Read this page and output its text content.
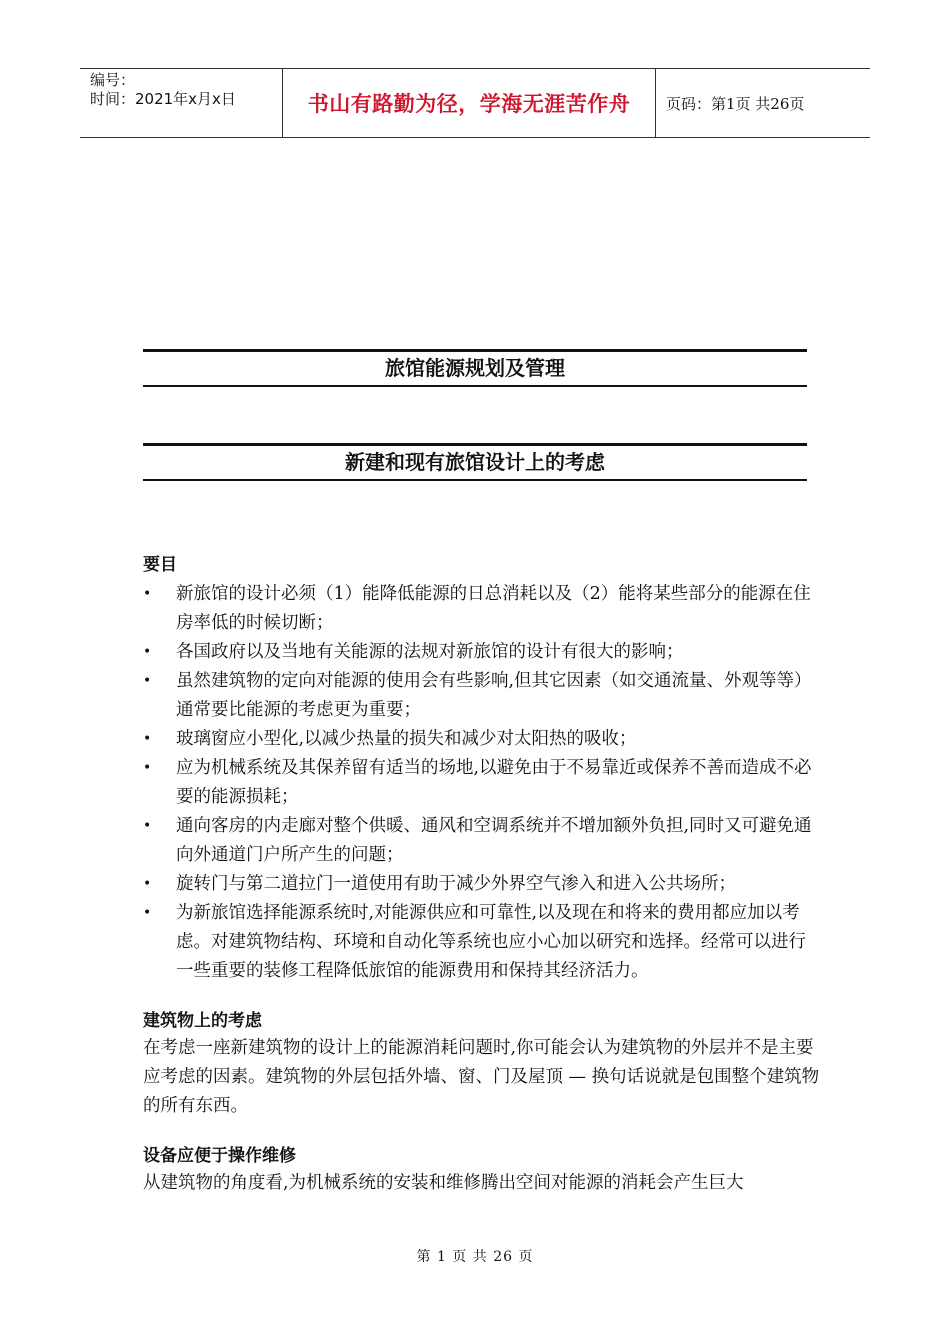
编号：
时间：2021年x月x日	书山有路勤为径，学海无涯苦作舟	页码：第1页 共26页
旅馆能源规划及管理
新建和现有旅馆设计上的考虑
要目
• 新旅馆的设计必须（1）能降低能源的日总消耗以及（2）能将某些部分的能源在住房率低的时候切断；
• 各国政府以及当地有关能源的法规对新旅馆的设计有很大的影响；
• 虽然建筑物的定向对能源的使用会有些影响,但其它因素（如交通流量、外观等等）通常要比能源的考虑更为重要；
• 玻璃窗应小型化,以减少热量的损失和减少对太阳热的吸收；
• 应为机械系统及其保养留有适当的场地,以避免由于不易靠近或保养不善而造成不必要的能源损耗；
• 通向客房的内走廊对整个供暖、通风和空调系统并不增加额外负担,同时又可避免通向外通道门户所产生的问题；
• 旋转门与第二道拉门一道使用有助于减少外界空气渗入和进入公共场所；
• 为新旅馆选择能源系统时,对能源供应和可靠性,以及现在和将来的费用都应加以考虑。对建筑物结构、环境和自动化等系统也应小心加以研究和选择。经常可以进行一些重要的装修工程降低旅馆的能源费用和保持其经济活力。
建筑物上的考虑

在考虑一座新建筑物的设计上的能源消耗问题时,你可能会认为建筑物的外层并不是主要应考虑的因素。建筑物的外层包括外墙、窗、门及屋顶 — 换句话说就是包围整个建筑物的所有东西。

设备应便于操作维修

从建筑物的角度看,为机械系统的安装和维修腾出空间对能源的消耗会产生巨大

第 1 页 共 26 页
